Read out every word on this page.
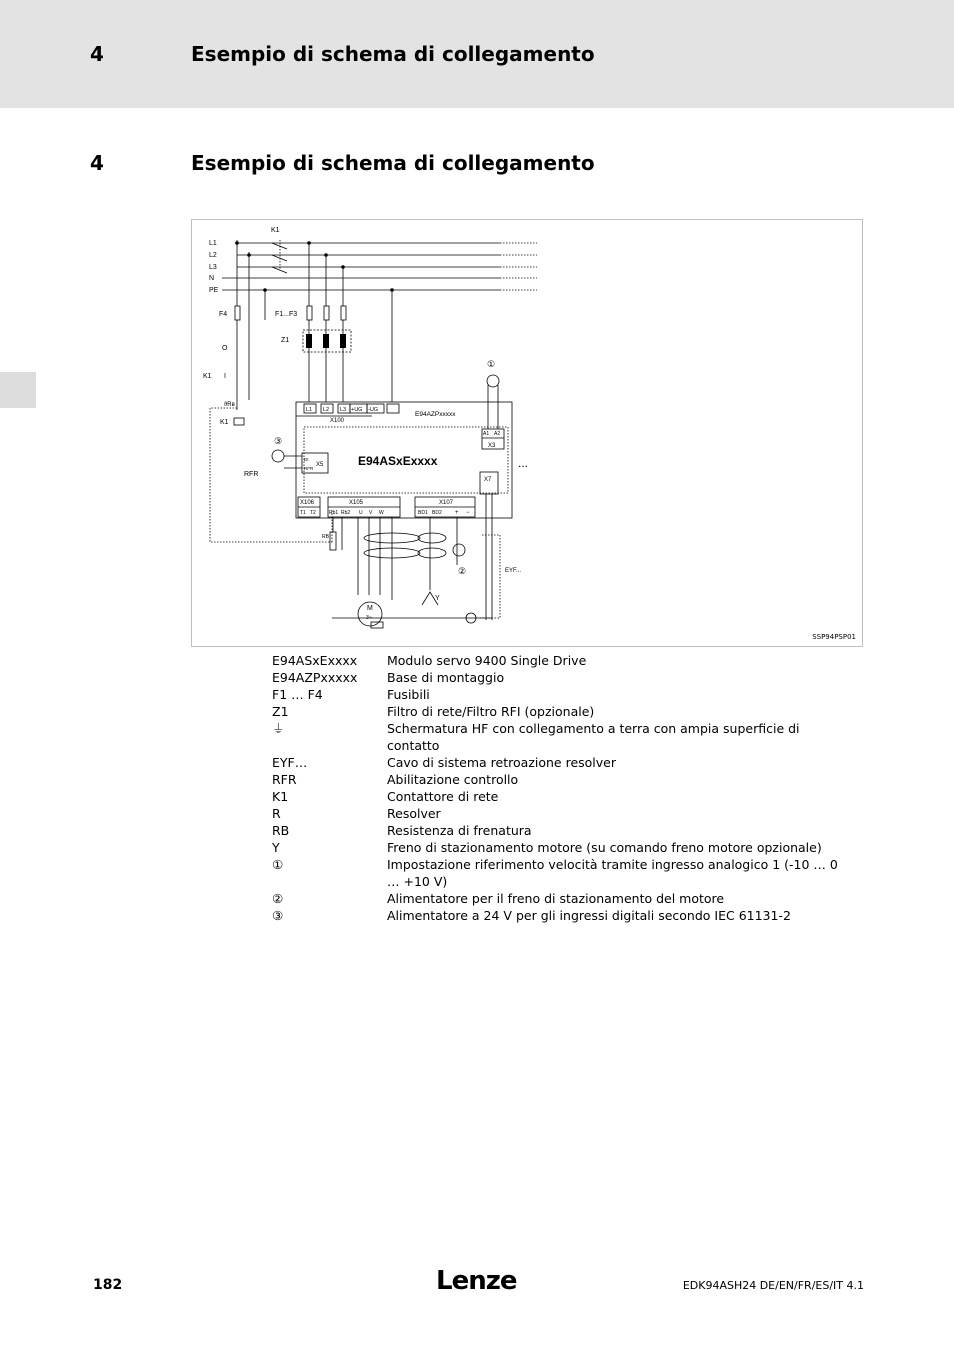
4	Esempio di schema di collegamento
4	Esempio di schema di collegamento
K1
L1
L2
L3
N
PE
F4	F1...F3
Z1
O
I
K1
ϑRʙ
K1
RFR
①
③
②
X100
L1 L2 L3 +UG -UG
E94AZPxxxxx
X3
A1 A2
X5
DI
RFR
E94ASxExxxx	...
X7
X106
T1 T2
X105
Rb1 Rb2 U V W
X107
BD1 BD2 + −
RB
EYF...
Y
M
3~
SSP94PSP01
E94ASxExxxx	Modulo servo 9400 Single Drive
E94AZPxxxxx	Base di montaggio
F1 … F4	Fusibili
Z1	Filtro di rete/Filtro RFI (opzionale)
⏚	Schermatura HF con collegamento a terra con ampia superficie di contatto
EYF…	Cavo di sistema retroazione resolver
RFR	Abilitazione controllo
K1	Contattore di rete
R	Resolver
RB	Resistenza di frenatura
Y	Freno di stazionamento motore (su comando freno motore opzionale)
①	Impostazione riferimento velocità tramite ingresso analogico 1 (-10 … 0 … +10 V)
②	Alimentatore per il freno di stazionamento del motore
③	Alimentatore a 24 V per gli ingressi digitali secondo IEC 61131-2
182	Lenze	EDK94ASH24 DE/EN/FR/ES/IT 4.1
